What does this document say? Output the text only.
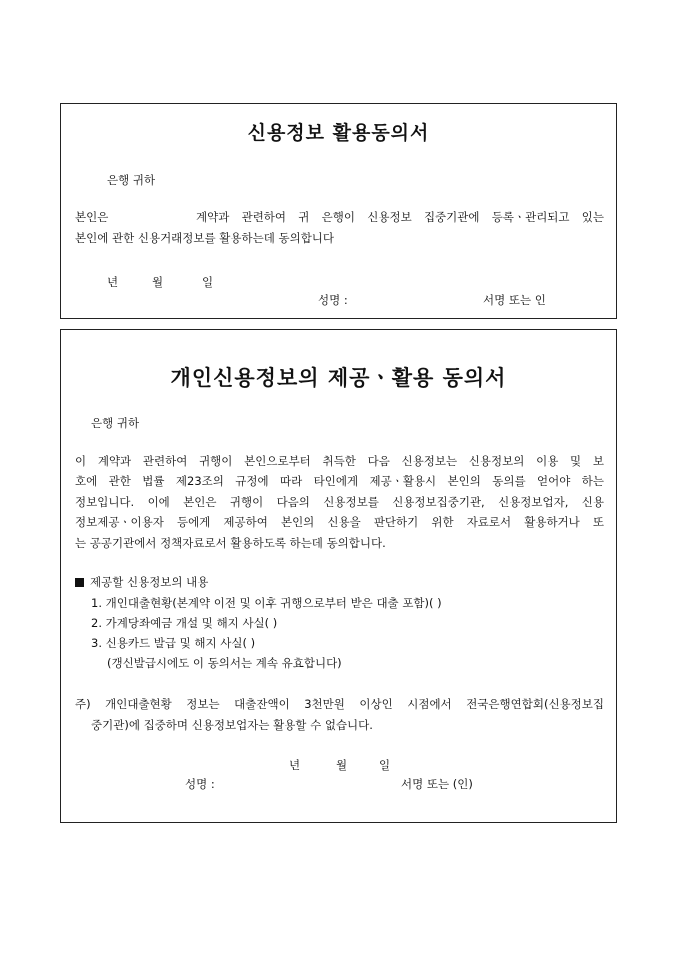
신용정보 활용동의서
은행 귀하
본인은	계약과 관련하여 귀 은행이 신용정보 집중기관에 등록ㆍ관리되고 있는
본인에 관한 신용거래정보를 활용하는데 동의합니다
년	월	일
성명 :	서명 또는 인
개인신용정보의 제공ㆍ활용 동의서
은행 귀하
이 계약과 관련하여 귀행이 본인으로부터 취득한 다음 신용정보는 신용정보의 이용 및 보
호에 관한 법률 제23조의 규정에 따라 타인에게 제공ㆍ활용시 본인의 동의를 얻어야 하는
정보입니다. 이에 본인은 귀행이 다음의 신용정보를 신용정보집중기관, 신용정보업자, 신용
정보제공ㆍ이용자 등에게 제공하여 본인의 신용을 판단하기 위한 자료로서 활용하거나 또
는 공공기관에서 정책자료로서 활용하도록 하는데 동의합니다.
제공할 신용정보의 내용
1. 개인대출현황(본계약 이전 및 이후 귀행으로부터 받은 대출 포함)( )
2. 가계당좌예금 개설 및 해지 사실( )
3. 신용카드 발급 및 해지 사실( )
(갱신발급시에도 이 동의서는 계속 유효합니다)
주) 개인대출현황 정보는 대출잔액이 3천만원 이상인 시점에서 전국은행연합회(신용정보집
중기관)에 집중하며 신용정보업자는 활용할 수 없습니다.
년	월	일
성명 :	서명 또는 (인)
